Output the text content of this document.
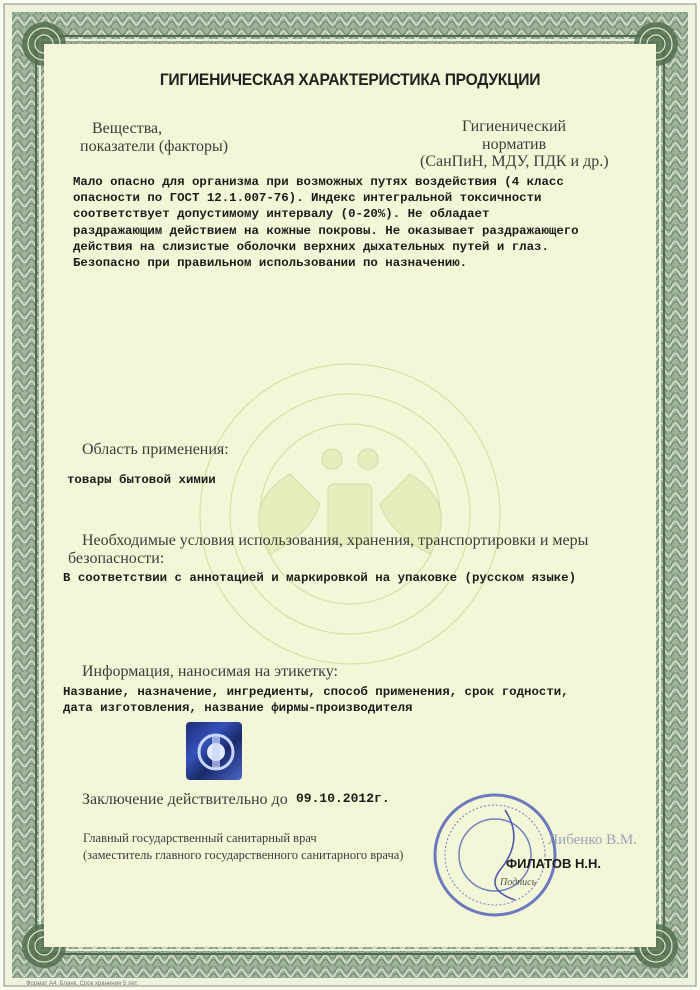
ГИГИЕНИЧЕСКАЯ ХАРАКТЕРИСТИКА ПРОДУКЦИИ
Вещества,
показатели (факторы)
Гигиенический
норматив
(СанПиН, МДУ, ПДК и др.)
Мало опасно для организма при возможных путях воздействия (4 класс
опасности по ГОСТ 12.1.007-76). Индекс интегральной токсичности
соответствует допустимому интервалу (0-20%). Не обладает
раздражающим действием на кожные покровы. Не оказывает раздражающего
действия на слизистые оболочки верхних дыхательных путей и глаз.
Безопасно при правильном использовании по назначению.
Область применения:
товары бытовой химии
Необходимые условия использования, хранения, транспортировки и меры
безопасности:
В соответствии с аннотацией и маркировкой на упаковке (русском языке)
Информация, наносимая на этикетку:
Название, назначение, ингредиенты, способ применения, срок годности,
дата изготовления, название фирмы-производителя
Заключение действительно до 09.10.2012г.
Главный государственный санитарный врач
(заместитель главного государственного санитарного врача)
Либенко В.М.
ФИЛАТОВ Н.Н.
Подпись
Формат А4. Бланк. Срок хранения 5 лет.
